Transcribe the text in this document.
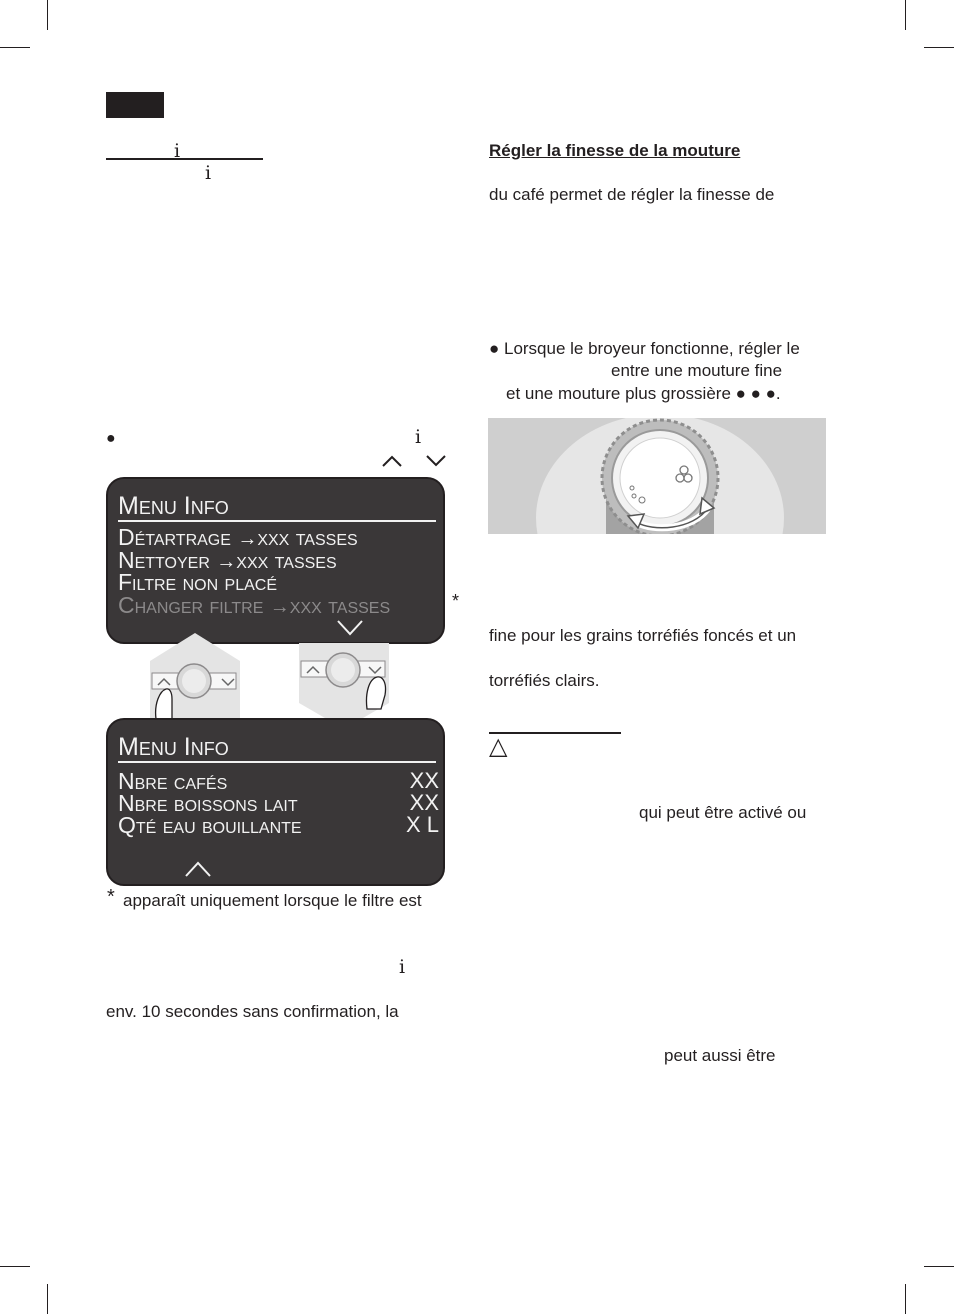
i
i
●	i
Menu Info
Détartrage →xxx tasses
Nettoyer →xxx tasses
Filtre non placé
Changer filtre →xxx tasses	*
Menu Info
Nbre cafés	XX
Nbre boissons lait	XX
Qté eau bouillante	X L
* apparaît uniquement lorsque le filtre est
i
env. 10 secondes sans confirmation, la
Régler la finesse de la mouture
du café permet de régler la finesse de
● Lorsque le broyeur fonctionne, régler le
entre une mouture fine
et une mouture plus grossière ● ● ●.
fine pour les grains torréfiés foncés et un
torréfiés clairs.
△
qui peut être activé ou
peut aussi être
